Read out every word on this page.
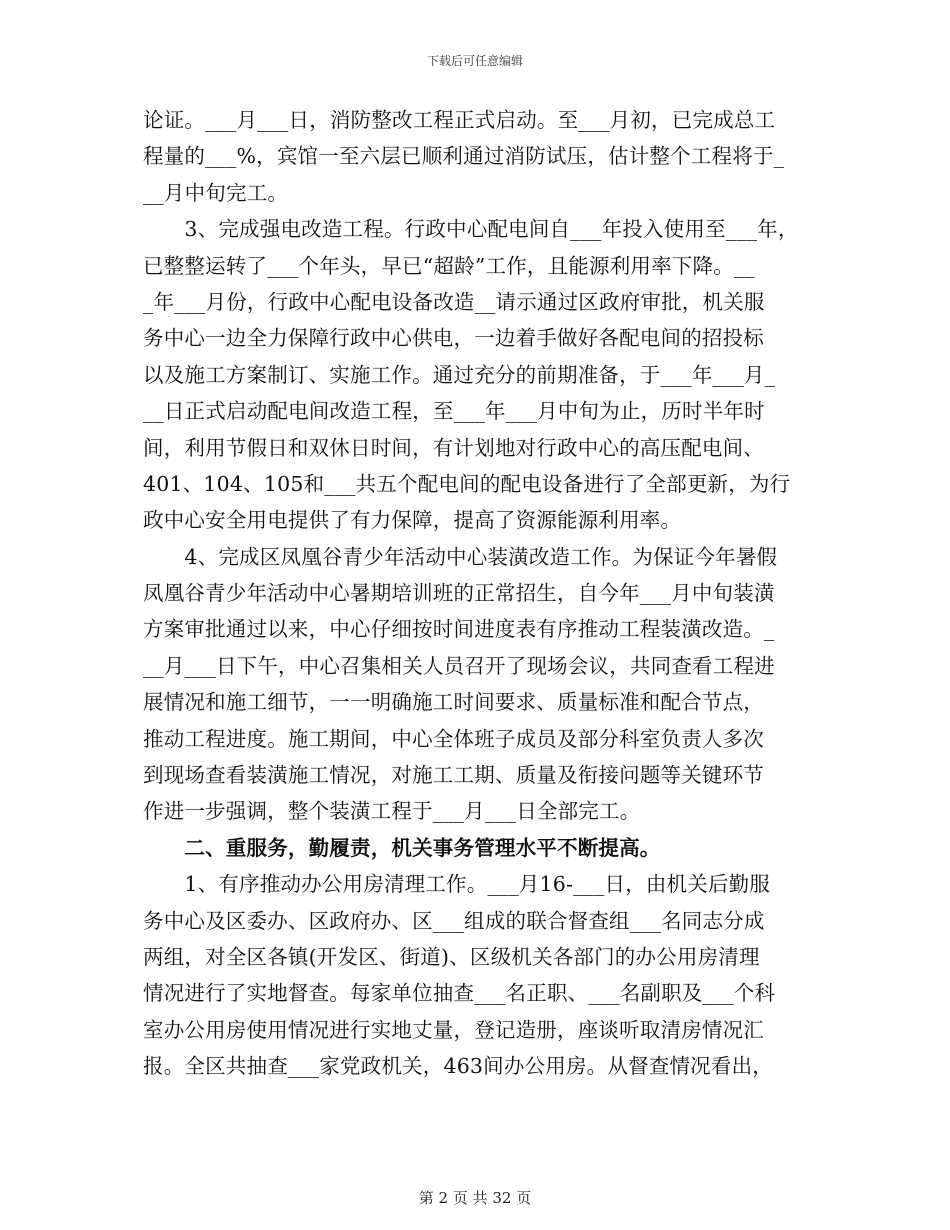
下载后可任意编辑
论证。___月___日，消防整改工程正式启动。至___月初，已完成总工
程量的___%，宾馆一至六层已顺利通过消防试压，估计整个工程将于_
__月中旬完工。
　　3、完成强电改造工程。行政中心配电间自___年投入使用至___年，
已整整运转了___个年头，早已“超龄”工作，且能源利用率下降。__
_年___月份，行政中心配电设备改造__请示通过区政府审批，机关服
务中心一边全力保障行政中心供电，一边着手做好各配电间的招投标
以及施工方案制订、实施工作。通过充分的前期准备，于___年___月_
__日正式启动配电间改造工程，至___年___月中旬为止，历时半年时
间，利用节假日和双休日时间，有计划地对行政中心的高压配电间、
401、104、105和___共五个配电间的配电设备进行了全部更新，为行
政中心安全用电提供了有力保障，提高了资源能源利用率。
　　4、完成区凤凰谷青少年活动中心装潢改造工作。为保证今年暑假
凤凰谷青少年活动中心暑期培训班的正常招生，自今年___月中旬装潢
方案审批通过以来，中心仔细按时间进度表有序推动工程装潢改造。_
__月___日下午，中心召集相关人员召开了现场会议，共同查看工程进
展情况和施工细节，一一明确施工时间要求、质量标准和配合节点，
推动工程进度。施工期间，中心全体班子成员及部分科室负责人多次
到现场查看装潢施工情况，对施工工期、质量及衔接问题等关键环节
作进一步强调，整个装潢工程于___月___日全部完工。
　　二、重服务，勤履责，机关事务管理水平不断提高。
　　1、有序推动办公用房清理工作。___月16-___日，由机关后勤服
务中心及区委办、区政府办、区___组成的联合督查组___名同志分成
两组，对全区各镇(开发区、街道)、区级机关各部门的办公用房清理
情况进行了实地督查。每家单位抽查___名正职、___名副职及___个科
室办公用房使用情况进行实地丈量，登记造册，座谈听取清房情况汇
报。全区共抽查___家党政机关，463间办公用房。从督查情况看出，
第 2 页 共 32 页
